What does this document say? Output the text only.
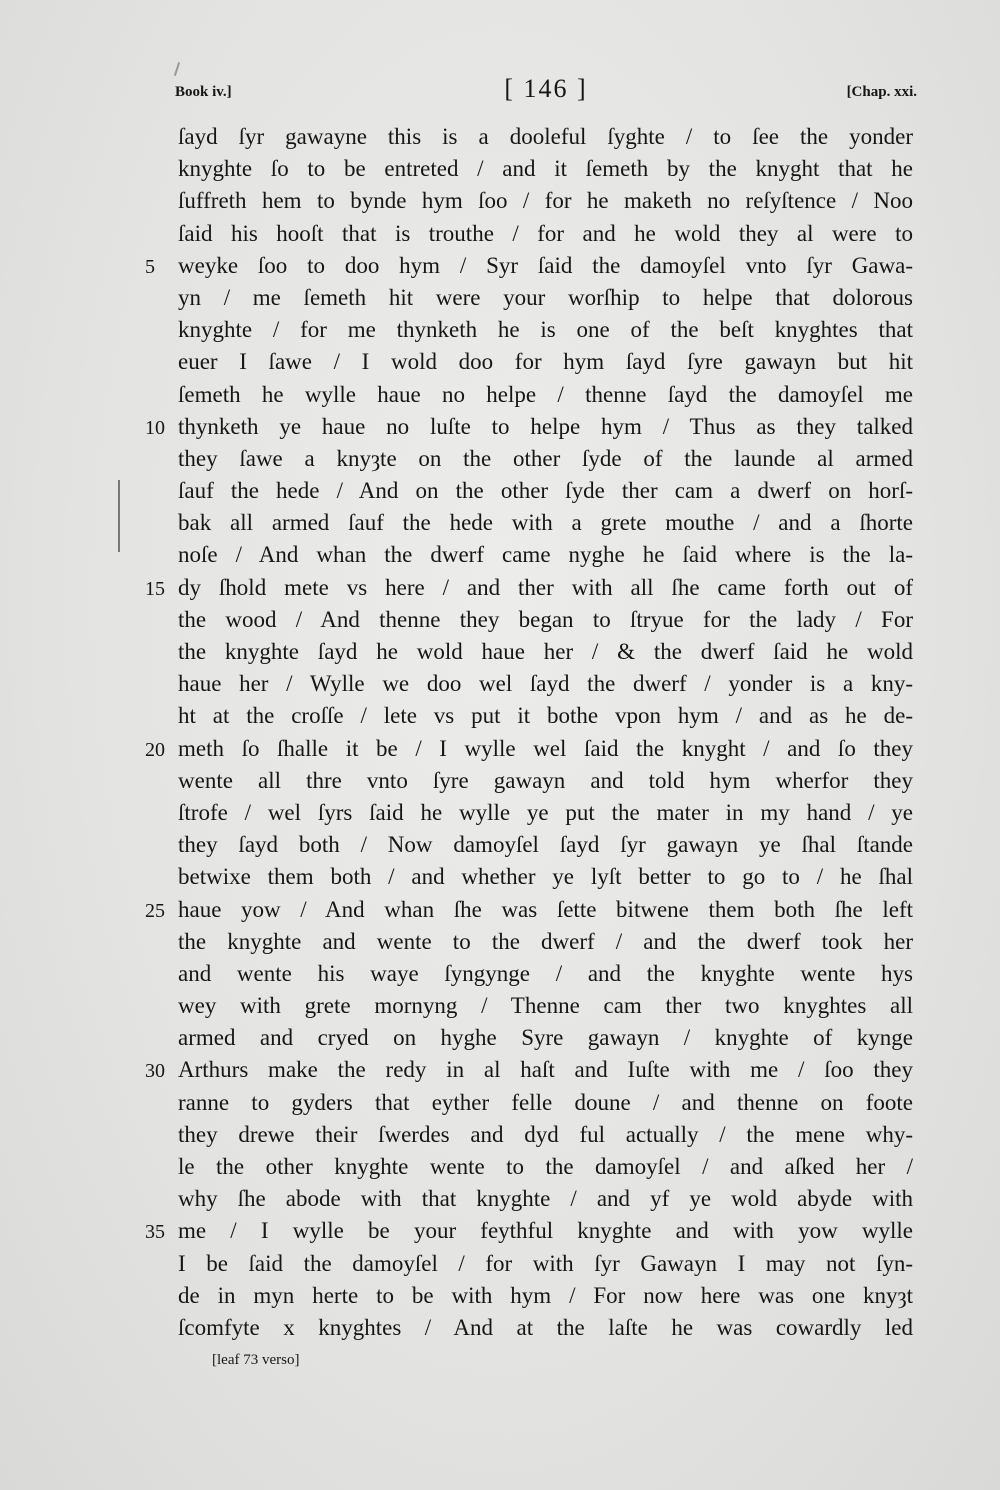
Book iv.]	[ 146 ]	[Chap. xxi.
ſayd ſyr gawayne this is a dooleful ſyghte / to ſee the yonder
knyghte ſo to be entreted / and it ſemeth by the knyght that he
ſuffreth hem to bynde hym ſoo / for he maketh no reſyſtence / Noo
ſaid his hooſt that is trouthe / for and he wold they al were to
5 weyke ſoo to doo hym / Syr ſaid the damoyſel vnto ſyr Gawa-
yn / me ſemeth hit were your worſhip to helpe that dolorous
knyghte / for me thynketh he is one of the beſt knyghtes that
euer I ſawe / I wold doo for hym ſayd ſyre gawayn but hit
ſemeth he wylle haue no helpe / thenne ſayd the damoyſel me
10 thynketh ye haue no luſte to helpe hym / Thus as they talked
they ſawe a knyȝte on the other ſyde of the launde al armed
ſauf the hede / And on the other ſyde ther cam a dwerf on horſ-
bak all armed ſauf the hede with a grete mouthe / and a ſhorte
noſe / And whan the dwerf came nyghe he ſaid where is the la-
15 dy ſhold mete vs here / and ther with all ſhe came forth out of
the wood / And thenne they began to ſtryue for the lady / For
the knyghte ſayd he wold haue her / & the dwerf ſaid he wold
haue her / Wylle we doo wel ſayd the dwerf / yonder is a kny-
ht at the croſſe / lete vs put it bothe vpon hym / and as he de-
20 meth ſo ſhalle it be / I wylle wel ſaid the knyght / and ſo they
wente all thre vnto ſyre gawayn and told hym wherfor they
ſtrofe / wel ſyrs ſaid he wylle ye put the mater in my hand / ye
they ſayd both / Now damoyſel ſayd ſyr gawayn ye ſhal ſtande
betwixe them both / and whether ye lyſt better to go to / he ſhal
25 haue yow / And whan ſhe was ſette bitwene them both ſhe left
the knyghte and wente to the dwerf / and the dwerf took her
and wente his waye ſyngynge / and the knyghte wente hys
wey with grete mornyng / Thenne cam ther two knyghtes all
armed and cryed on hyghe Syre gawayn / knyghte of kynge
30 Arthurs make the redy in al haſt and Iuſte with me / ſoo they
ranne to gyders that eyther felle doune / and thenne on foote
they drewe their ſwerdes and dyd ful actually / the mene why-
le the other knyghte wente to the damoyſel / and aſked her /
why ſhe abode with that knyghte / and yf ye wold abyde with
35 me / I wylle be your feythful knyghte and with yow wylle
I be ſaid the damoyſel / for with ſyr Gawayn I may not ſyn-
de in myn herte to be with hym / For now here was one knyȝt
ſcomfyte x knyghtes / And at the laſte he was cowardly led
[leaf 73 verso]
